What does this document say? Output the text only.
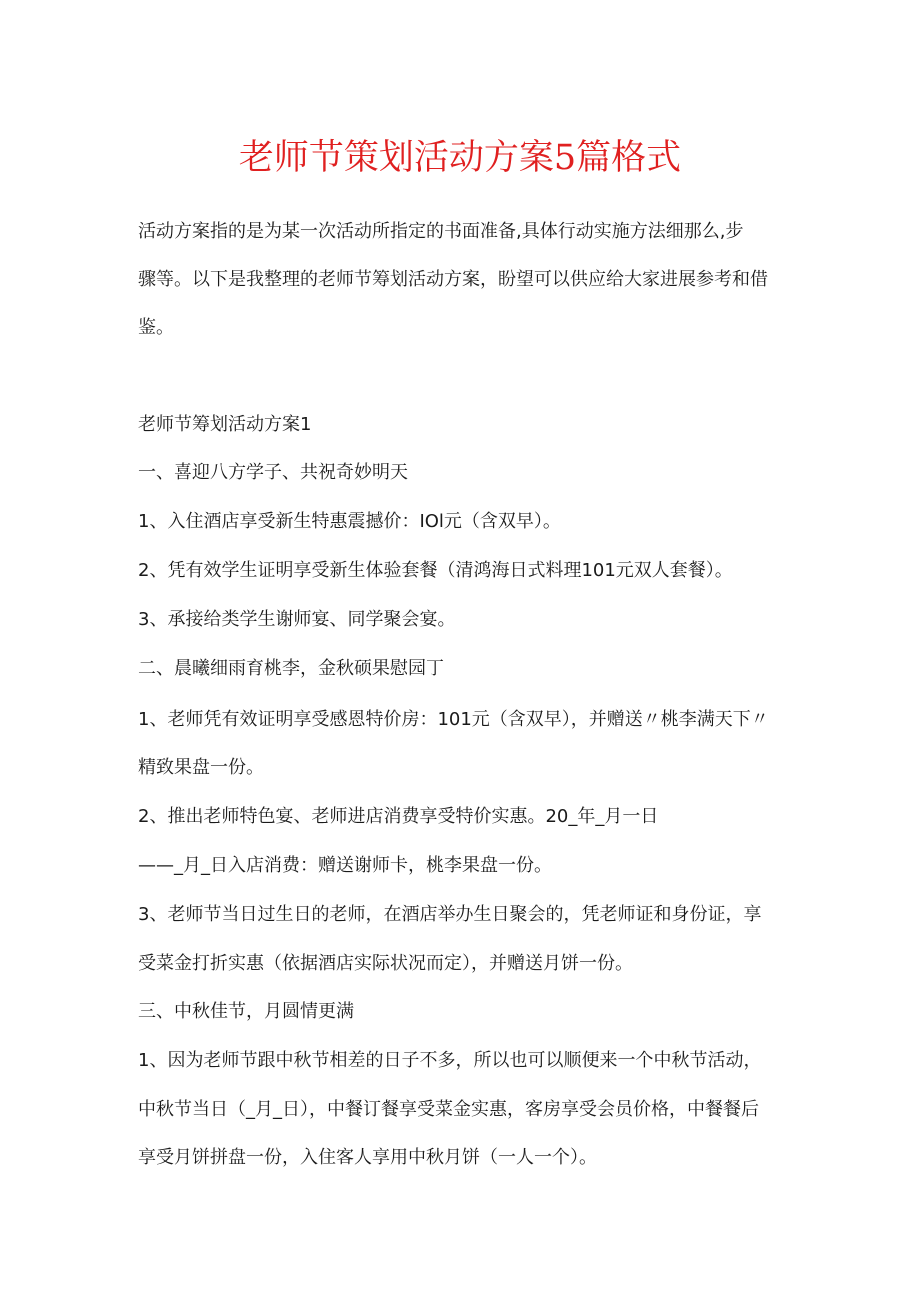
老师节策划活动方案5篇格式
活动方案指的是为某一次活动所指定的书面准备,具体行动实施方法细那么,步
骤等。以下是我整理的老师节筹划活动方案，盼望可以供应给大家进展参考和借
鉴。
老师节筹划活动方案1
一、喜迎八方学子、共祝奇妙明天
1、入住酒店享受新生特惠震撼价：IOl元（含双早）。
2、凭有效学生证明享受新生体验套餐（清鸿海日式料理101元双人套餐）。
3、承接给类学生谢师宴、同学聚会宴。
二、晨曦细雨育桃李，金秋硕果慰园丁
1、老师凭有效证明享受感恩特价房：101元（含双早），并赠送〃桃李满天下〃
精致果盘一份。
2、推出老师特色宴、老师进店消费享受特价实惠。20_年_月一日
——_月_日入店消费：赠送谢师卡，桃李果盘一份。
3、老师节当日过生日的老师，在酒店举办生日聚会的，凭老师证和身份证，享
受菜金打折实惠（依据酒店实际状况而定），并赠送月饼一份。
三、中秋佳节，月圆情更满
1、因为老师节跟中秋节相差的日子不多，所以也可以顺便来一个中秋节活动，
中秋节当日（_月_日），中餐订餐享受菜金实惠，客房享受会员价格，中餐餐后
享受月饼拼盘一份，入住客人享用中秋月饼（一人一个）。
